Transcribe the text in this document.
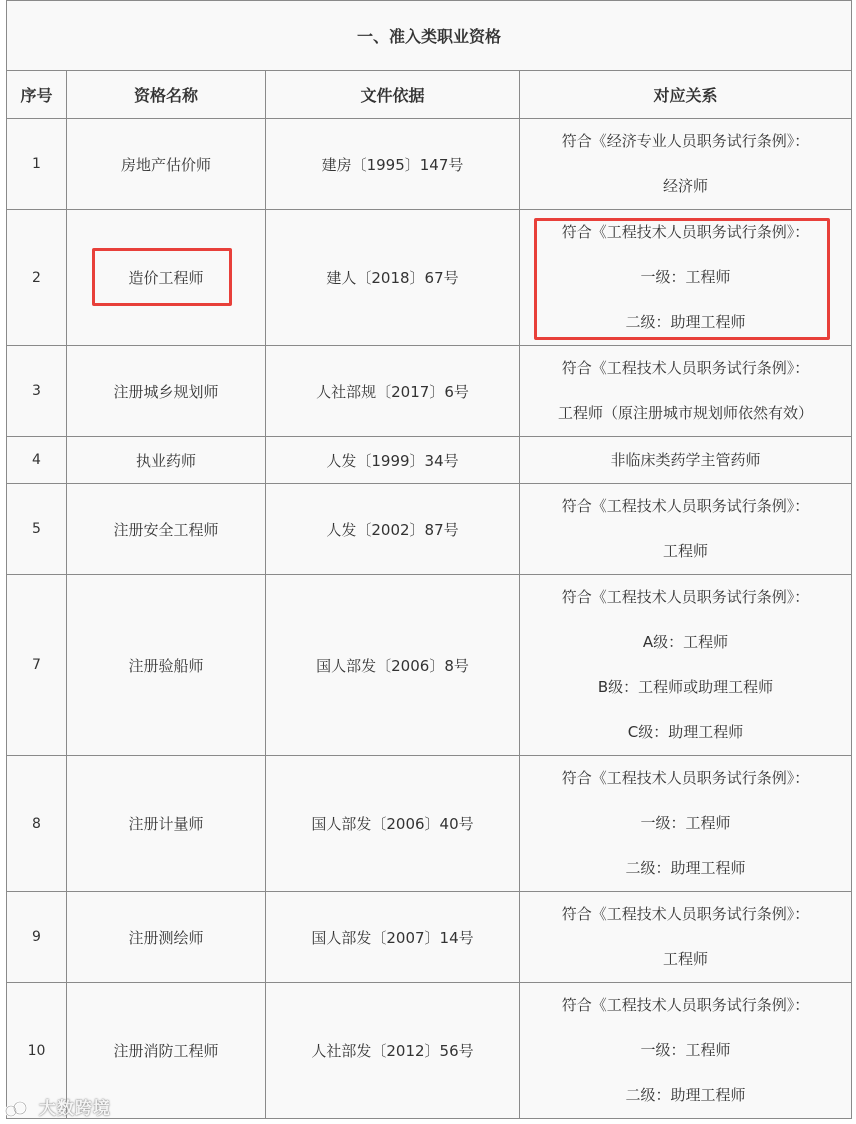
一、准入类职业资格			
序号	资格名称	文件依据	对应关系
1	房地产估价师	建房〔1995〕147号	符合《经济专业人员职务试行条例》：
经济师

2	造价工程师	建人〔2018〕67号	符合《工程技术人员职务试行条例》：
一级：工程师
二级：助理工程师

3	注册城乡规划师	人社部规〔2017〕6号	符合《工程技术人员职务试行条例》：
工程师（原注册城市规划师依然有效）

4	执业药师	人发〔1999〕34号	非临床类药学主管药师

5	注册安全工程师	人发〔2002〕87号	符合《工程技术人员职务试行条例》：
工程师

7	注册验船师	国人部发〔2006〕8号	符合《工程技术人员职务试行条例》：
A级：工程师
B级：工程师或助理工程师
C级：助理工程师

8	注册计量师	国人部发〔2006〕40号	符合《工程技术人员职务试行条例》：
一级：工程师
二级：助理工程师

9	注册测绘师	国人部发〔2007〕14号	符合《工程技术人员职务试行条例》：
工程师

10	注册消防工程师	人社部发〔2012〕56号	符合《工程技术人员职务试行条例》：
一级：工程师
二级：助理工程师
大数跨境
